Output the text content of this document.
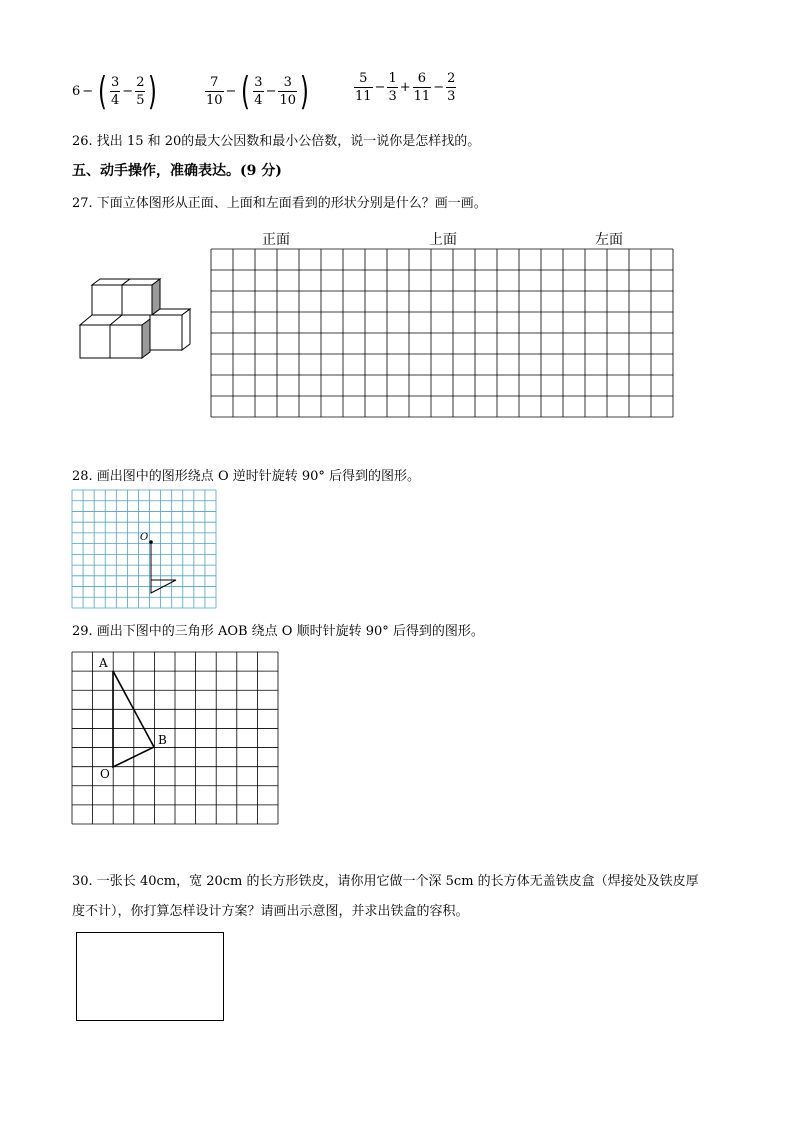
6 − ( $\frac{3}{4} - \frac{2}{5}$ )	$\frac{7}{10}$ − ( $\frac{3}{4} - \frac{3}{10}$ )	$\frac{5}{11} - \frac{1}{3} + \frac{6}{11} - \frac{2}{3}$
26. 找出 15 和 20的最大公因数和最小公倍数，说一说你是怎样找的。
五、动手操作，准确表达。(9 分)
27. 下面立体图形从正面、上面和左面看到的形状分别是什么？画一画。
正面	上面	左面
28. 画出图中的图形绕点 O 逆时针旋转 90° 后得到的图形。
O
29. 画出下图中的三角形 AOB 绕点 O 顺时针旋转 90° 后得到的图形。
A
B
O
30. 一张长 40cm，宽 20cm 的长方形铁皮，请你用它做一个深 5cm 的长方体无盖铁皮盒（焊接处及铁皮厚
度不计），你打算怎样设计方案？请画出示意图，并求出铁盒的容积。
